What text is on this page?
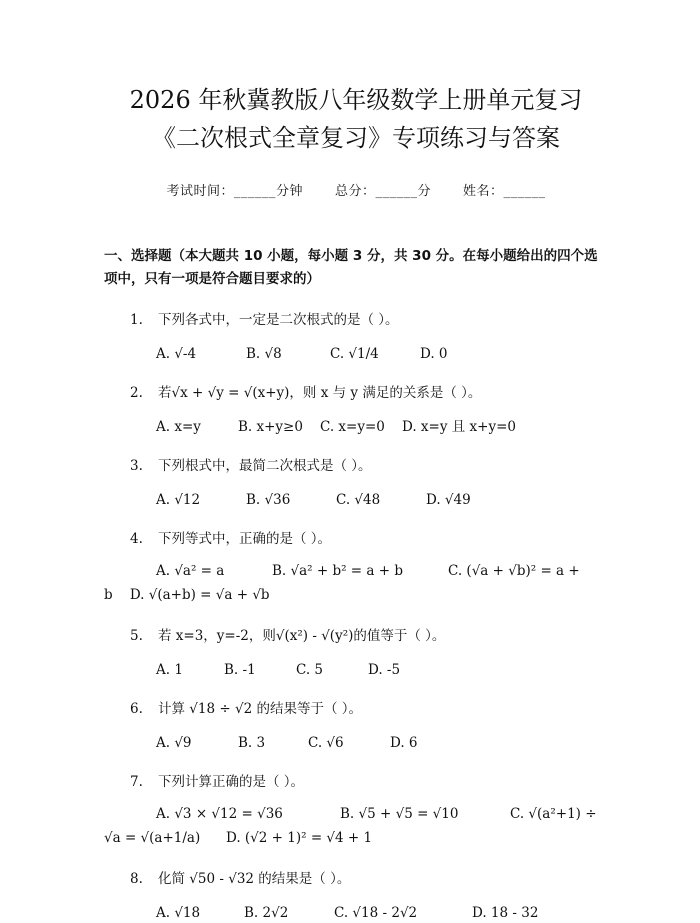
2026 年秋冀教版八年级数学上册单元复习
《二次根式全章复习》专项练习与答案
考试时间：______分钟 总分：______分 姓名：______
一、选择题（本大题共 10 小题，每小题 3 分，共 30 分。在每小题给出的四个选项中，只有一项是符合题目要求的）
1. 下列各式中，一定是二次根式的是（ ）。
A. √-4	B. √8	C. √1/4	D. 0
2. 若√x + √y = √(x+y)，则 x 与 y 满足的关系是（ ）。
A. x=y	B. x+y≥0 C. x=y=0 D. x=y 且 x+y=0
3. 下列根式中，最简二次根式是（ ）。
A. √12	B. √36	C. √48	D. √49
4. 下列等式中，正确的是（ ）。
A. √a² = a	B. √a² + b² = a + b	C. (√a + √b)² = a + b D. √(a+b) = √a + √b
5. 若 x=3，y=-2，则√(x²) - √(y²)的值等于（ ）。
A. 1	B. -1	C. 5	D. -5
6. 计算 √18 ÷ √2 的结果等于（ ）。
A. √9	B. 3	C. √6	D. 6
7. 下列计算正确的是（ ）。
A. √3 × √12 = √36	B. √5 + √5 = √10	C. √(a²+1) ÷ √a = √(a+1/a) D. (√2 + 1)² = √4 + 1
8. 化简 √50 - √32 的结果是（ ）。
A. √18	B. 2√2	C. √18 - 2√2	D. 18 - 32
